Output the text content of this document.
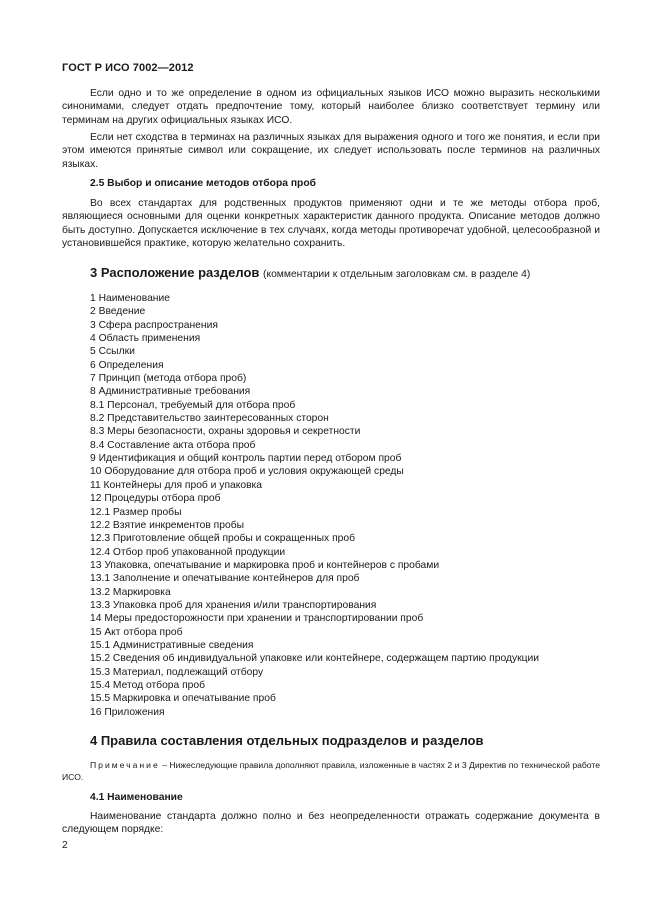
ГОСТ Р ИСО 7002—2012

Если одно и то же определение в одном из официальных языков ИСО можно выразить несколькими синонимами, следует отдать предпочтение тому, который наиболее близко соответствует термину или терминам на других официальных языках ИСО.

Если нет сходства в терминах на различных языках для выражения одного и того же понятия, и если при этом имеются принятые символ или сокращение, их следует использовать после терминов на различных языках.

2.5 Выбор и описание методов отбора проб

Во всех стандартах для родственных продуктов применяют одни и те же методы отбора проб, являющиеся основными для оценки конкретных характеристик данного продукта. Описание методов должно быть доступно. Допускается исключение в тех случаях, когда методы противоречат удобной, целесообразной и установившейся практике, которую желательно сохранить.

3 Расположение разделов (комментарии к отдельным заголовкам см. в разделе 4)
1 Наименование
2 Введение
3 Сфера распространения
4 Область применения
5 Ссылки
6 Определения
7 Принцип (метода отбора проб)
8 Административные требования
8.1 Персонал, требуемый для отбора проб
8.2 Представительство заинтересованных сторон
8.3 Меры безопасности, охраны здоровья и секретности
8.4 Составление акта отбора проб
9 Идентификация и общий контроль партии перед отбором проб
10 Оборудование для отбора проб и условия окружающей среды
11 Контейнеры для проб и упаковка
12 Процедуры отбора проб
12.1 Размер пробы
12.2 Взятие инкрементов пробы
12.3 Приготовление общей пробы и сокращенных проб
12.4 Отбор проб упакованной продукции
13 Упаковка, опечатывание и маркировка проб и контейнеров с пробами
13.1 Заполнение и опечатывание контейнеров для проб
13.2 Маркировка
13.3 Упаковка проб для хранения и/или транспортирования
14 Меры предосторожности при хранении и транспортировании проб
15 Акт отбора проб
15.1 Административные сведения
15.2 Сведения об индивидуальной упаковке или контейнере, содержащем партию продукции
15.3 Материал, подлежащий отбору
15.4 Метод отбора проб
15.5 Маркировка и опечатывание проб
16 Приложения
4 Правила составления отдельных подразделов и разделов

Примечание – Нижеследующие правила дополняют правила, изложенные в частях 2 и 3 Директив по технической работе ИСО.

4.1 Наименование

Наименование стандарта должно полно и без неопределенности отражать содержание документа в следующем порядке:

2
